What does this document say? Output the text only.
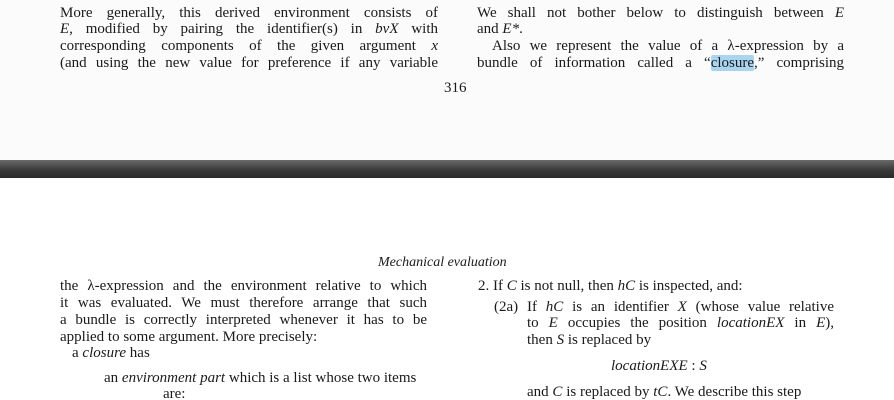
More generally, this derived environment consists of
E, modified by pairing the identifier(s) in bvX with
corresponding components of the given argument x
(and using the new value for preference if any variable
We shall not bother below to distinguish between E
and E*.
Also we represent the value of a λ-expression by a
bundle of information called a “closure,” comprising
316
Mechanical evaluation
the λ-expression and the environment relative to which
it was evaluated. We must therefore arrange that such
a bundle is correctly interpreted whenever it has to be
applied to some argument. More precisely:
a closure has
an environment part which is a list whose two items
are:
2. If C is not null, then hC is inspected, and:
(2a) If hC is an identifier X (whose value relative
to E occupies the position locationEX in E),
then S is replaced by
locationEXE : S
and C is replaced by tC. We describe this step
